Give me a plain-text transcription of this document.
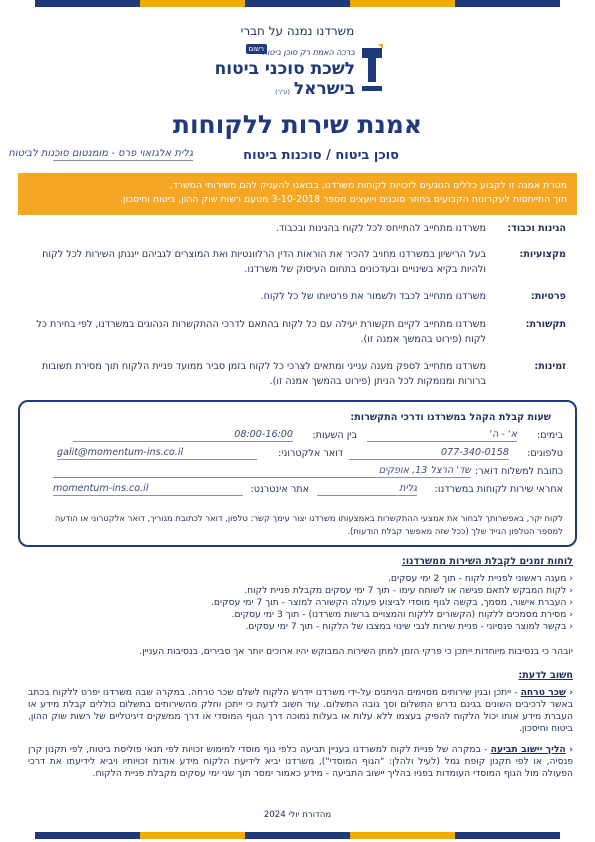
משרדנו נמנה על חברי
רשום
ברכה האמת רק סוכן ביטוח
לשכת סוכני ביטוח
בישראל(ע"ר)
אמנת שירות ללקוחות
סוכן ביטוח / סוכנות ביטוח
גלית אלגזאוי פרס - מומנטום סוכנות לביטוח
מטרת אמנה זו לקבוע כללים הנוגעים לזכויות לקוחות משרדנו, בבואנו להעניק להם משירותי המשרד,
תוך התייחסות לעקרונות הקבועים בחוזר סוכנים ויועצים מספר 3-10-2018 מטעם רשות שוק ההון, ביטוח וחיסכון.
הגינות וכבוד:
משרדנו מתחייב להתייחס לכל לקוח בהגינות ובכבוד.
מקצועיות:
בעל הרישיון במשרדנו מחויב להכיר את הוראות הדין הרלוונטיות ואת המוצרים לגביהם ייננתן השירות לכל לקוח ולהיות בקיא בשינויים ובעדכונים בתחום העיסוק של משרדנו.
פרטיות:
משרדנו מתחייב לכבד ולשמור את פרטיותו של כל לקוח.
תקשורת:
משרדנו מתחייב לקיים תקשורת יעילה עם כל לקוח בהתאם לדרכי ההתקשרות הנהוגים במשרדנו, לפי בחירת כל לקוח (פירוט בהמשך אמנה זו).
זמינות:
משרדנו מתחייב לספק מענה ענייני ומתאים לצרכי כל לקוח בזמן סביר ממועד פניית הלקוח תוך מסירת תשובות ברורות ומנומקות לכל הניתן (פירוט בהמשך אמנה זו).
שעות קבלת הקהל במשרדנו ודרכי התקשרות:
בימים:
א' - ה'
בין השעות:
08:00-16:00
טלפונים:
077-340-0158
דואר אלקטרוני:
galit@momentum-ins.co.il
כתובת למשלוח דואר:
שד' הרצל 13, אופקים
אחראי שירות לקוחות במשרדנו:
גלית
אתר אינטרנט:
momentum-ins.co.il
לקוח יקר, באפשרותך לבחור את אמצעי ההתקשרות באמצעותו משרדנו יצור עימך קשר: טלפון, דואר לכתובת מגוריך, דואר אלקטרוני או הודעה למספר הטלפון הנייד שלך (ככל שזה מאפשר קבלת הודעות).
לוחות זמנים לקבלת השירות ממשרדנו:
‹ מענה ראשוני לפניית לקוח - תוך 2 ימי עסקים.
‹ לקוח המבקש לתאם פגישה או לשוחח עימו - תוך 7 ימי עסקים מקבלת פניית לקוח.
‹ העברת אישור, מסמך, בקשה לגוף מוסדי לביצוע פעולה הקשורה למוצר - תוך 7 ימי עסקים.
‹ מסירת מסמכים ללקוח (הקשורים ללקוח והמצויים ברשות משרדנו) - תוך 3 ימי עסקים.
‹ בקשר למוצר פנסיוני - פניית שירות לגבי שינוי במצבו של הלקוח - תוך 7 ימי עסקים.
יובהר כי בנסיבות מיוחדות ייתכן כי פרקי הזמן למתן השירות המבוקש יהיו ארוכים יותר אך סבירים, בנסיבות העניין.
חשוב לדעת:
‹ שכר טרחה - ייתכן ובגין שירותים מסוימים הניתנים על-ידי משרדנו יידרש הלקוח לשלם שכר טרחה. במקרה שבה משרדנו יפרט ללקוח בכתב באשר לרכיבים השונים בגינם נדרש התשלום וסך גובה התשלום. עוד חשוב לדעת כי ייתכן וחלק מהשירותים בתשלום כוללים קבלת מידע או העברת מידע אותו יכול הלקוח להפיק בעצמו ללא עלות או בעלות נמוכה דרך הגוף המוסדי או דרך ממשקים דיגיטליים של רשות שוק ההון, ביטוח וחיסכון.
‹ הליך יישוב תביעה - במקרה של פניית לקוח למשרדנו בעניין תביעה כלפי גוף מוסדי למימוש זכויות לפי תנאי פוליסת ביטוח, לפי תקנון קרן פנסיה, או לפי תקנון קופת גמל (לעיל ולהלן: "הגוף המוסדי"), משרדנו יביא לידיעת הלקוח מידע אודות זכויותיו ויביא לידיעתו את דרכי הפעולה מול הגוף המוסדי העומדות בפניו בהליך יישוב התביעה - מידע כאמור ימסר תוך שני ימי עסקים מקבלת פניית הלקוח.
מהדורת יולי 2024
